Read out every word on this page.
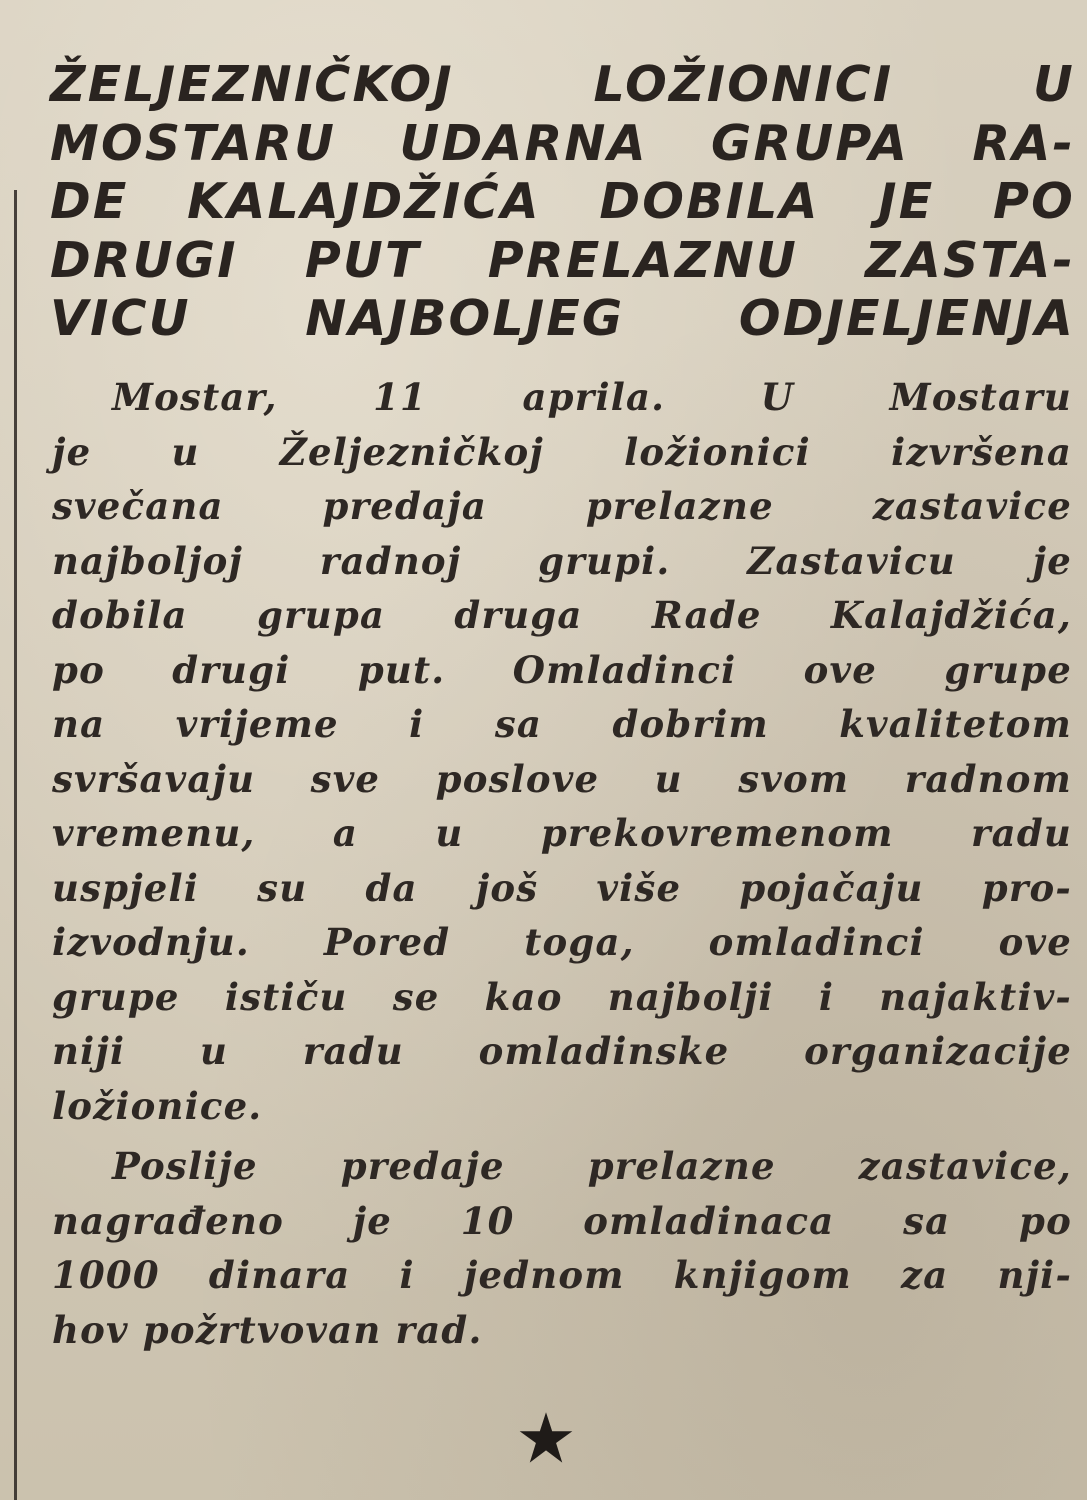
ŽELJEZNIČKOJ LOŽIONICI U
MOSTARU UDARNA GRUPA RA-
DE KALAJDŽIĆA DOBILA JE PO
DRUGI PUT PRELAZNU ZASTA-
VICU NAJBOLJEG ODJELJENJA
Mostar, 11 aprila. U Mostaru
je u Željezničkoj ložionici izvršena
svečana predaja prelazne zastavice
najboljoj radnoj grupi. Zastavicu je
dobila grupa druga Rade Kalajdžića,
po drugi put. Omladinci ove grupe
na vrijeme i sa dobrim kvalitetom
svršavaju sve poslove u svom radnom
vremenu, a u prekovremenom radu
uspjeli su da još više pojačaju pro-
izvodnju. Pored toga, omladinci ove
grupe ističu se kao najbolji i najaktiv-
niji u radu omladinske organizacije
ložionice.
Poslije predaje prelazne zastavice,
nagrađeno je 10 omladinaca sa po
1000 dinara i jednom knjigom za nji-
hov požrtvovan rad.
